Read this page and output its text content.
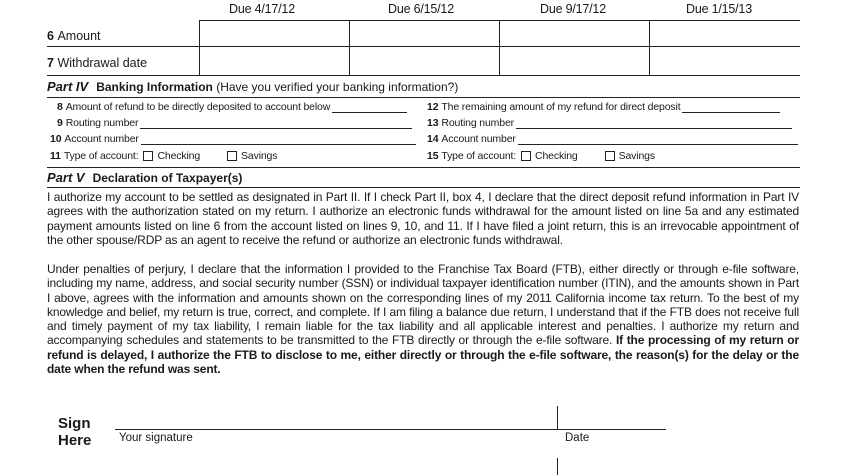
Due 4/17/12	Due 6/15/12	Due 9/17/12	Due 1/15/13
6 Amount
7 Withdrawal date
Part IV Banking Information (Have you verified your banking information?)
8 Amount of refund to be directly deposited to account below
9 Routing number
10 Account number
11 Type of account: Checking	Savings
12 The remaining amount of my refund for direct deposit
13 Routing number
14 Account number
15 Type of account: Checking	Savings
Part V Declaration of Taxpayer(s)
I authorize my account to be settled as designated in Part II. If I check Part II, box 4, I declare that the direct deposit refund information in Part IV agrees with the authorization stated on my return. I authorize an electronic funds withdrawal for the amount listed on line 5a and any estimated payment amounts listed on line 6 from the account listed on lines 9, 10, and 11. If I have filed a joint return, this is an irrevocable appointment of the other spouse/RDP as an agent to receive the refund or authorize an electronic funds withdrawal.
Under penalties of perjury, I declare that the information I provided to the Franchise Tax Board (FTB), either directly or through e-file software, including my name, address, and social security number (SSN) or individual taxpayer identification number (ITIN), and the amounts shown in Part I above, agrees with the information and amounts shown on the corresponding lines of my 2011 California income tax return. To the best of my knowledge and belief, my return is true, correct, and complete. If I am filing a balance due return, I understand that if the FTB does not receive full and timely payment of my tax liability, I remain liable for the tax liability and all applicable interest and penalties. I authorize my return and accompanying schedules and statements to be transmitted to the FTB directly or through the e-file software. If the processing of my return or refund is delayed, I authorize the FTB to disclose to me, either directly or through the e-file software, the reason(s) for the delay or the date when the refund was sent.
Sign
Here Your signature	Date
